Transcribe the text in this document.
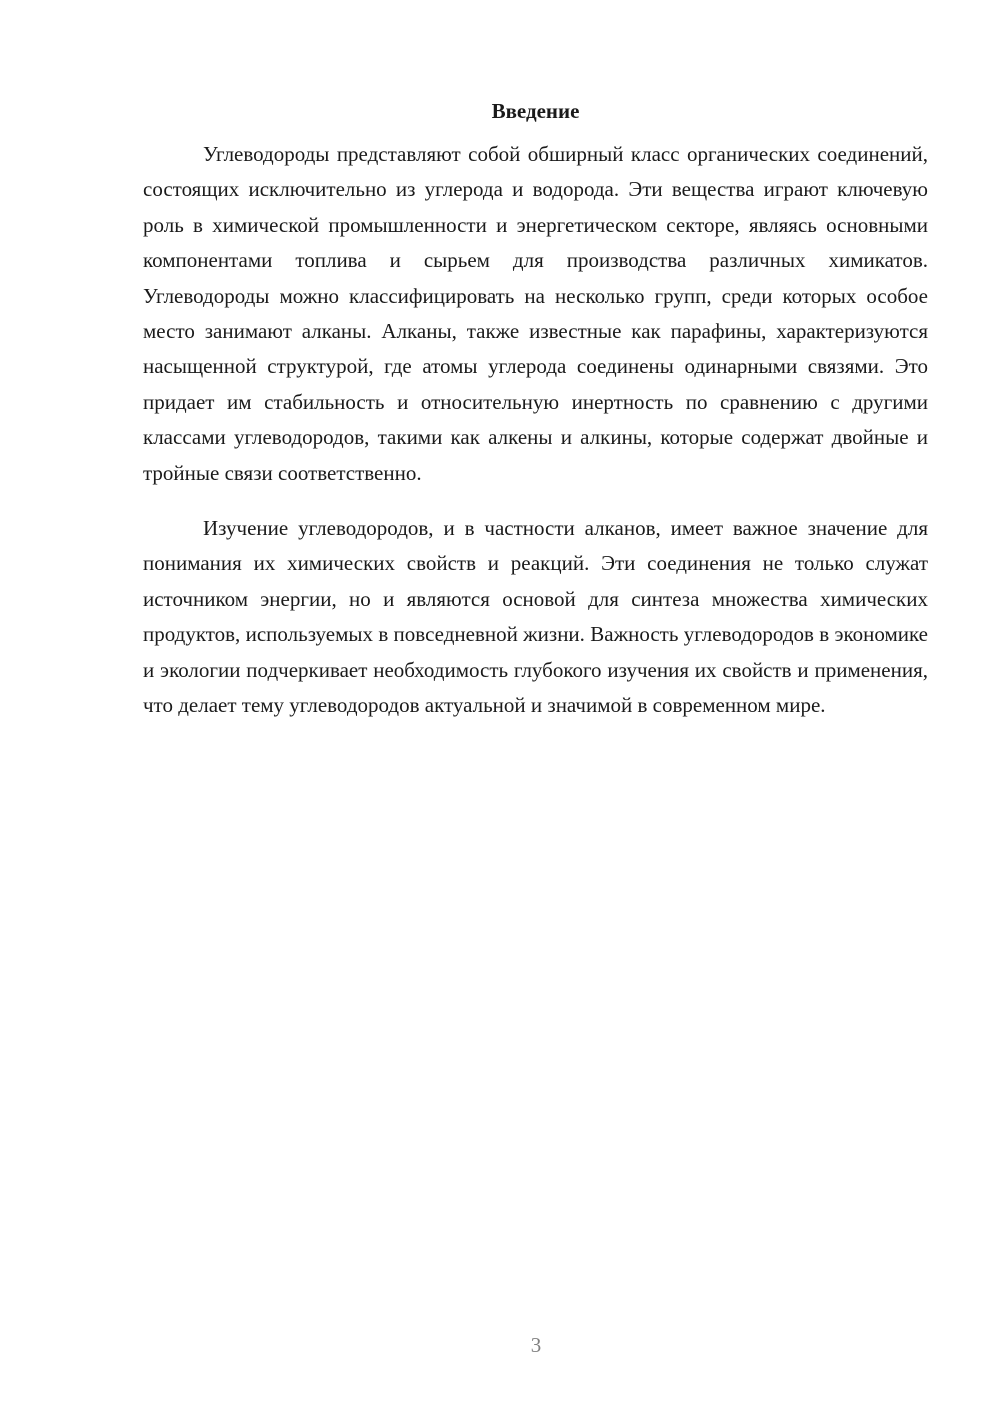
Введение

Углеводороды представляют собой обширный класс органических соединений, состоящих исключительно из углерода и водорода. Эти вещества играют ключевую роль в химической промышленности и энергетическом секторе, являясь основными компонентами топлива и сырьем для производства различных химикатов. Углеводороды можно классифицировать на несколько групп, среди которых особое место занимают алканы. Алканы, также известные как парафины, характеризуются насыщенной структурой, где атомы углерода соединены одинарными связями. Это придает им стабильность и относительную инертность по сравнению с другими классами углеводородов, такими как алкены и алкины, которые содержат двойные и тройные связи соответственно.

Изучение углеводородов, и в частности алканов, имеет важное значение для понимания их химических свойств и реакций. Эти соединения не только служат источником энергии, но и являются основой для синтеза множества химических продуктов, используемых в повседневной жизни. Важность углеводородов в экономике и экологии подчеркивает необходимость глубокого изучения их свойств и применения, что делает тему углеводородов актуальной и значимой в современном мире.

3
